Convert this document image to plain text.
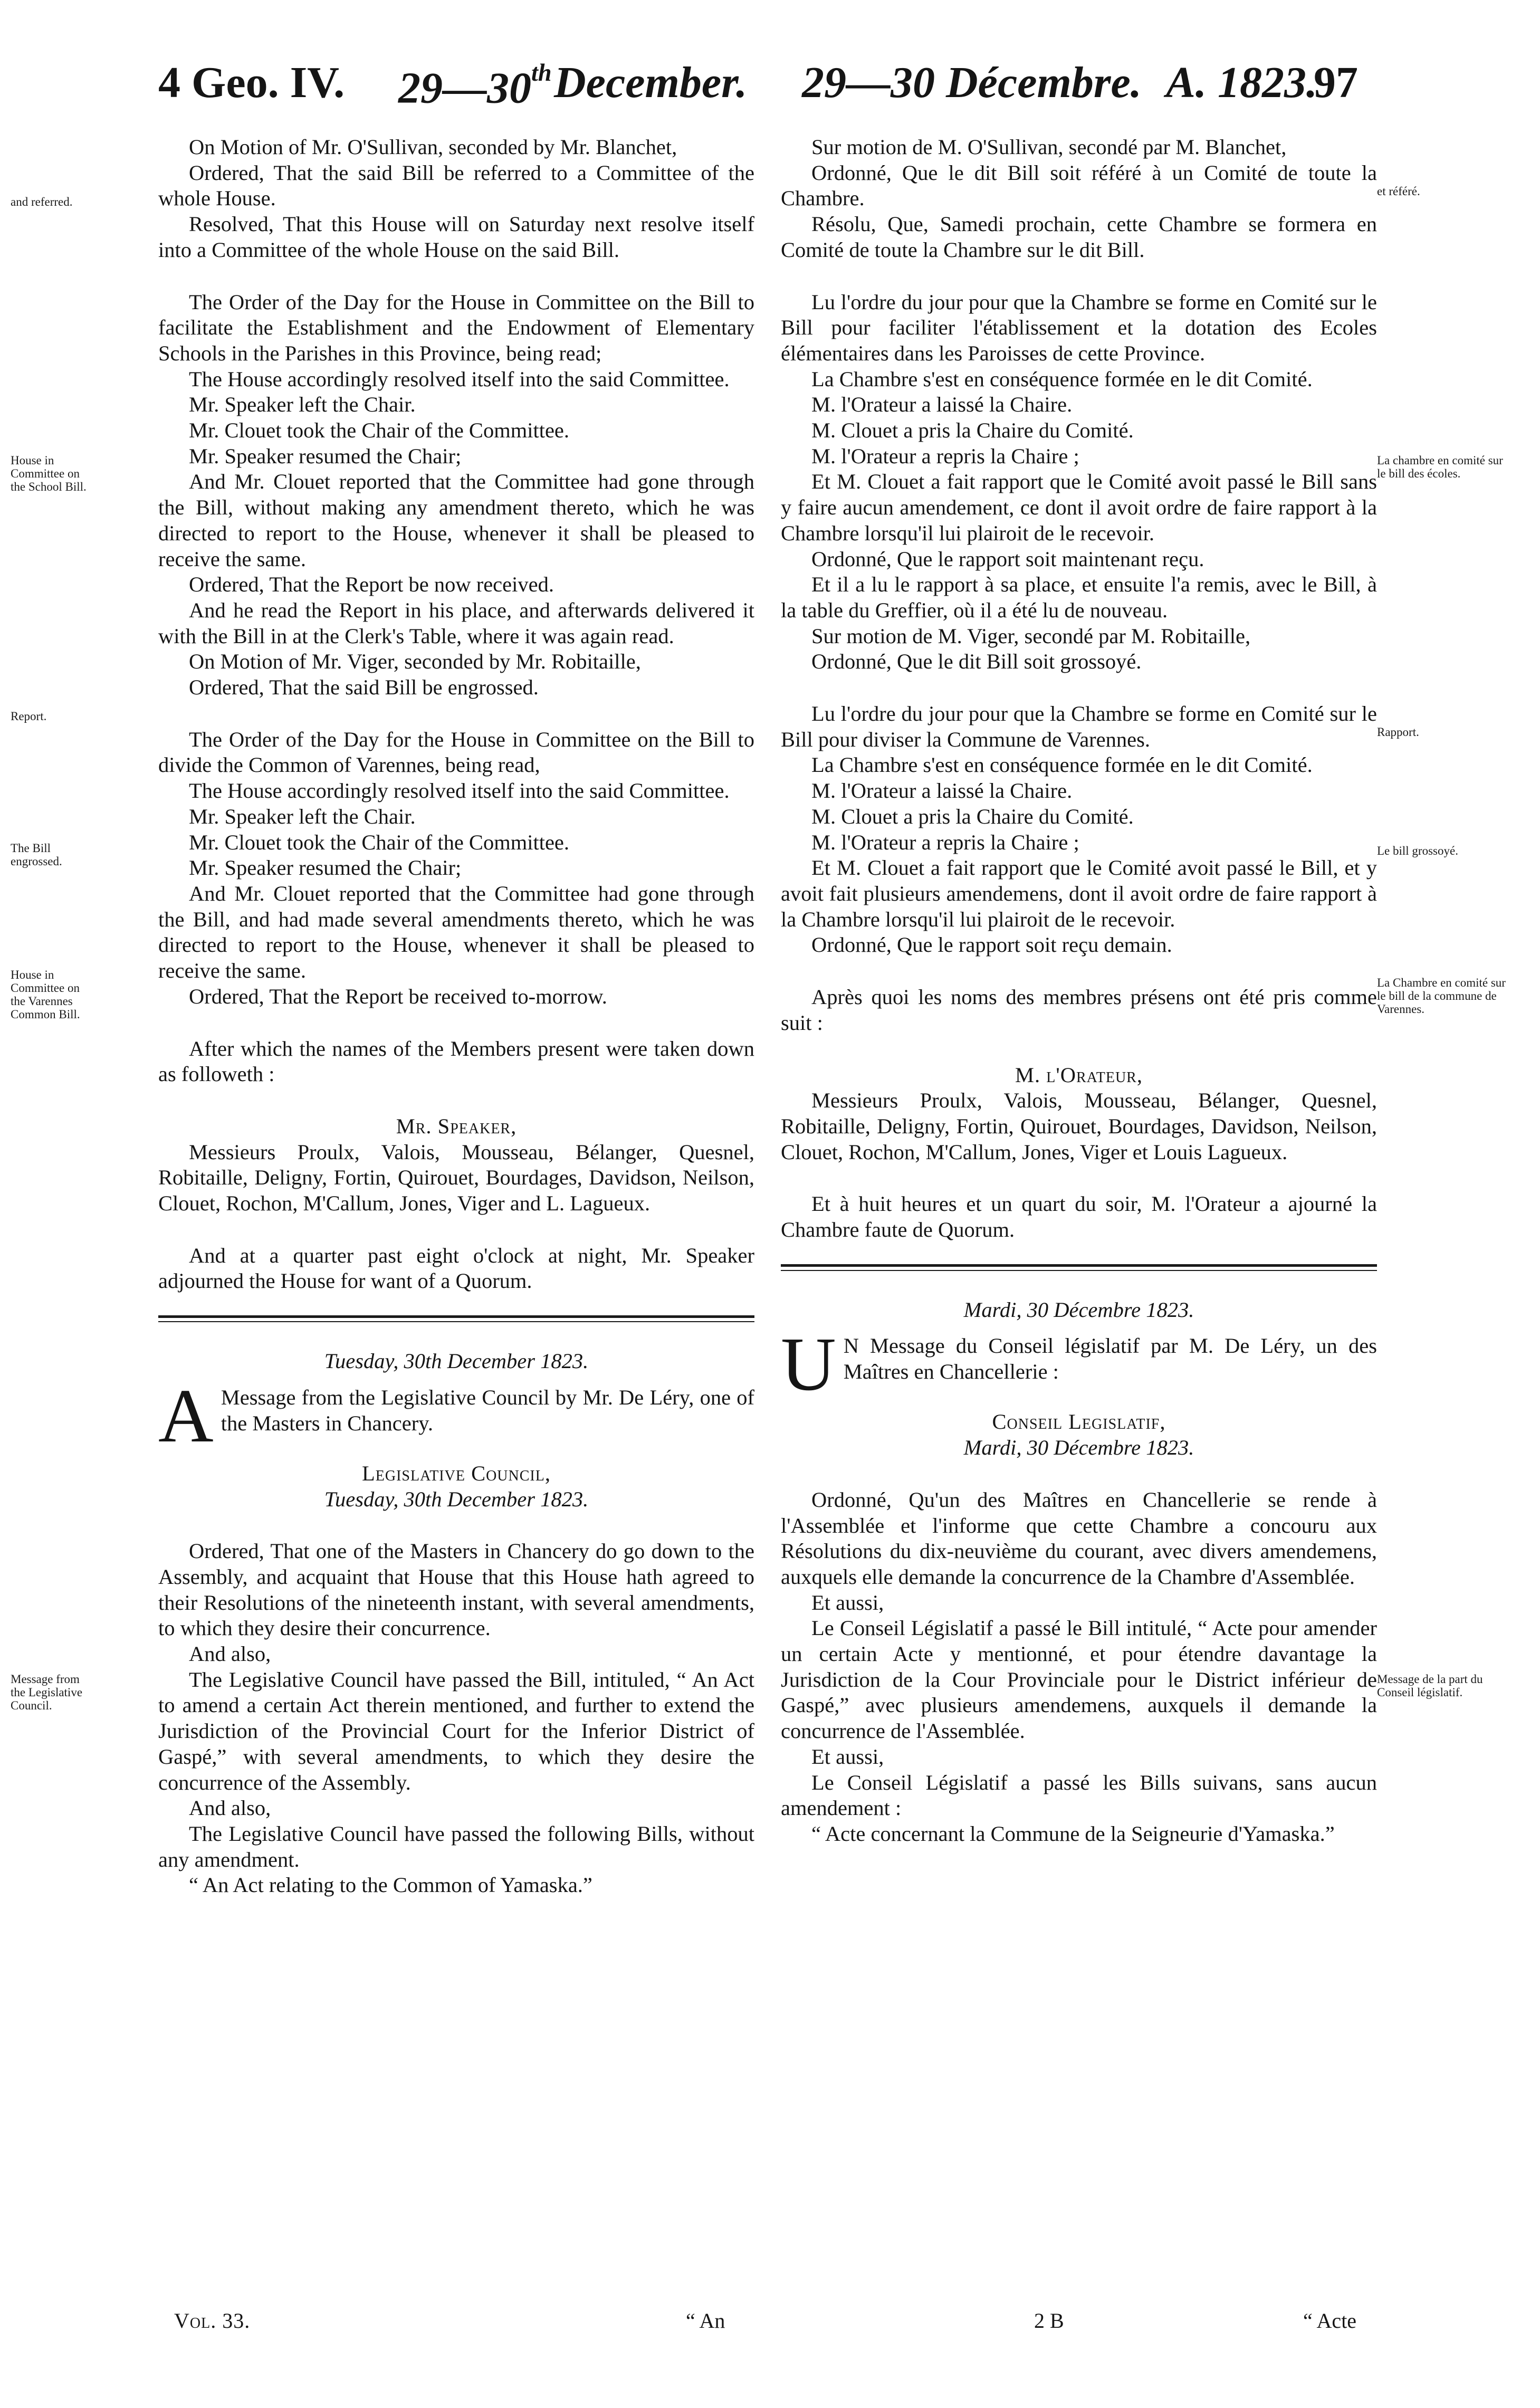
4 Geo. IV. 29—30th December. 29—30 Décembre. A. 1823.
97
and referred.
House in Committee on the School Bill.
Report.
The Bill engrossed.
House in Committee on the Varennes Common Bill.
Message from the Legislative Council.
et référé.
La chambre en comité sur le bill des écoles.
Rapport.
Le bill grossoyé.
La Chambre en comité sur le bill de la commune de Varennes.
Message de la part du Conseil législatif.

On Motion of Mr. O'Sullivan, seconded by Mr. Blanchet,

Ordered, That the said Bill be referred to a Committee of the whole House.

Resolved, That this House will on Saturday next resolve itself into a Committee of the whole House on the said Bill.

The Order of the Day for the House in Committee on the Bill to facilitate the Establishment and the Endowment of Elementary Schools in the Parishes in this Province, being read;

The House accordingly resolved itself into the said Committee.

Mr. Speaker left the Chair.

Mr. Clouet took the Chair of the Committee.

Mr. Speaker resumed the Chair;

And Mr. Clouet reported that the Committee had gone through the Bill, without making any amendment thereto, which he was directed to report to the House, whenever it shall be pleased to receive the same.

Ordered, That the Report be now received.

And he read the Report in his place, and afterwards delivered it with the Bill in at the Clerk's Table, where it was again read.

On Motion of Mr. Viger, seconded by Mr. Robitaille,

Ordered, That the said Bill be engrossed.

The Order of the Day for the House in Committee on the Bill to divide the Common of Varennes, being read,

The House accordingly resolved itself into the said Committee.

Mr. Speaker left the Chair.

Mr. Clouet took the Chair of the Committee.

Mr. Speaker resumed the Chair;

And Mr. Clouet reported that the Committee had gone through the Bill, and had made several amendments thereto, which he was directed to report to the House, whenever it shall be pleased to receive the same.

Ordered, That the Report be received to-morrow.

After which the names of the Members present were taken down as followeth :

Mr. Speaker,

Messieurs Proulx, Valois, Mousseau, Bélanger, Quesnel, Robitaille, Deligny, Fortin, Quirouet, Bourdages, Davidson, Neilson, Clouet, Rochon, M'Callum, Jones, Viger and L. Lagueux.

And at a quarter past eight o'clock at night, Mr. Speaker adjourned the House for want of a Quorum.

Tuesday, 30th December 1823.

A Message from the Legislative Council by Mr. De Léry, one of the Masters in Chancery.

Legislative Council,

Tuesday, 30th December 1823.

Ordered, That one of the Masters in Chancery do go down to the Assembly, and acquaint that House that this House hath agreed to their Resolutions of the nineteenth instant, with several amendments, to which they desire their concurrence.

And also,

The Legislative Council have passed the Bill, intituled, “ An Act to amend a certain Act therein mentioned, and further to extend the Jurisdiction of the Provincial Court for the Inferior District of Gaspé,” with several amendments, to which they desire the concurrence of the Assembly.

And also,

The Legislative Council have passed the following Bills, without any amendment.

“ An Act relating to the Common of Yamaska.”

Sur motion de M. O'Sullivan, secondé par M. Blanchet,

Ordonné, Que le dit Bill soit référé à un Comité de toute la Chambre.

Résolu, Que, Samedi prochain, cette Chambre se formera en Comité de toute la Chambre sur le dit Bill.

Lu l'ordre du jour pour que la Chambre se forme en Comité sur le Bill pour faciliter l'établissement et la dotation des Ecoles élémentaires dans les Paroisses de cette Province.

La Chambre s'est en conséquence formée en le dit Comité.

M. l'Orateur a laissé la Chaire.

M. Clouet a pris la Chaire du Comité.

M. l'Orateur a repris la Chaire ;

Et M. Clouet a fait rapport que le Comité avoit passé le Bill sans y faire aucun amendement, ce dont il avoit ordre de faire rapport à la Chambre lorsqu'il lui plairoit de le recevoir.

Ordonné, Que le rapport soit maintenant reçu.

Et il a lu le rapport à sa place, et ensuite l'a remis, avec le Bill, à la table du Greffier, où il a été lu de nouveau.

Sur motion de M. Viger, secondé par M. Robitaille,

Ordonné, Que le dit Bill soit grossoyé.

Lu l'ordre du jour pour que la Chambre se forme en Comité sur le Bill pour diviser la Commune de Varennes.

La Chambre s'est en conséquence formée en le dit Comité.

M. l'Orateur a laissé la Chaire.

M. Clouet a pris la Chaire du Comité.

M. l'Orateur a repris la Chaire ;

Et M. Clouet a fait rapport que le Comité avoit passé le Bill, et y avoit fait plusieurs amendemens, dont il avoit ordre de faire rapport à la Chambre lorsqu'il lui plairoit de le recevoir.

Ordonné, Que le rapport soit reçu demain.

Après quoi les noms des membres présens ont été pris comme suit :

M. l'Orateur,

Messieurs Proulx, Valois, Mousseau, Bélanger, Quesnel, Robitaille, Deligny, Fortin, Quirouet, Bourdages, Davidson, Neilson, Clouet, Rochon, M'Callum, Jones, Viger et Louis Lagueux.

Et à huit heures et un quart du soir, M. l'Orateur a ajourné la Chambre faute de Quorum.

Mardi, 30 Décembre 1823.

U N Message du Conseil législatif par M. De Léry, un des Maîtres en Chancellerie :

Conseil Legislatif,

Mardi, 30 Décembre 1823.

Ordonné, Qu'un des Maîtres en Chancellerie se rende à l'Assemblée et l'informe que cette Chambre a concouru aux Résolutions du dix-neuvième du courant, avec divers amendemens, auxquels elle demande la concurrence de la Chambre d'Assemblée.

Et aussi,

Le Conseil Législatif a passé le Bill intitulé, “ Acte pour amender un certain Acte y mentionné, et pour étendre davantage la Jurisdiction de la Cour Provinciale pour le District inférieur de Gaspé,” avec plusieurs amendemens, auxquels il demande la concurrence de l'Assemblée.

Et aussi,

Le Conseil Législatif a passé les Bills suivans, sans aucun amendement :

“ Acte concernant la Commune de la Seigneurie d'Yamaska.”

Vol. 33.	“ An	2 B	“ Acte
